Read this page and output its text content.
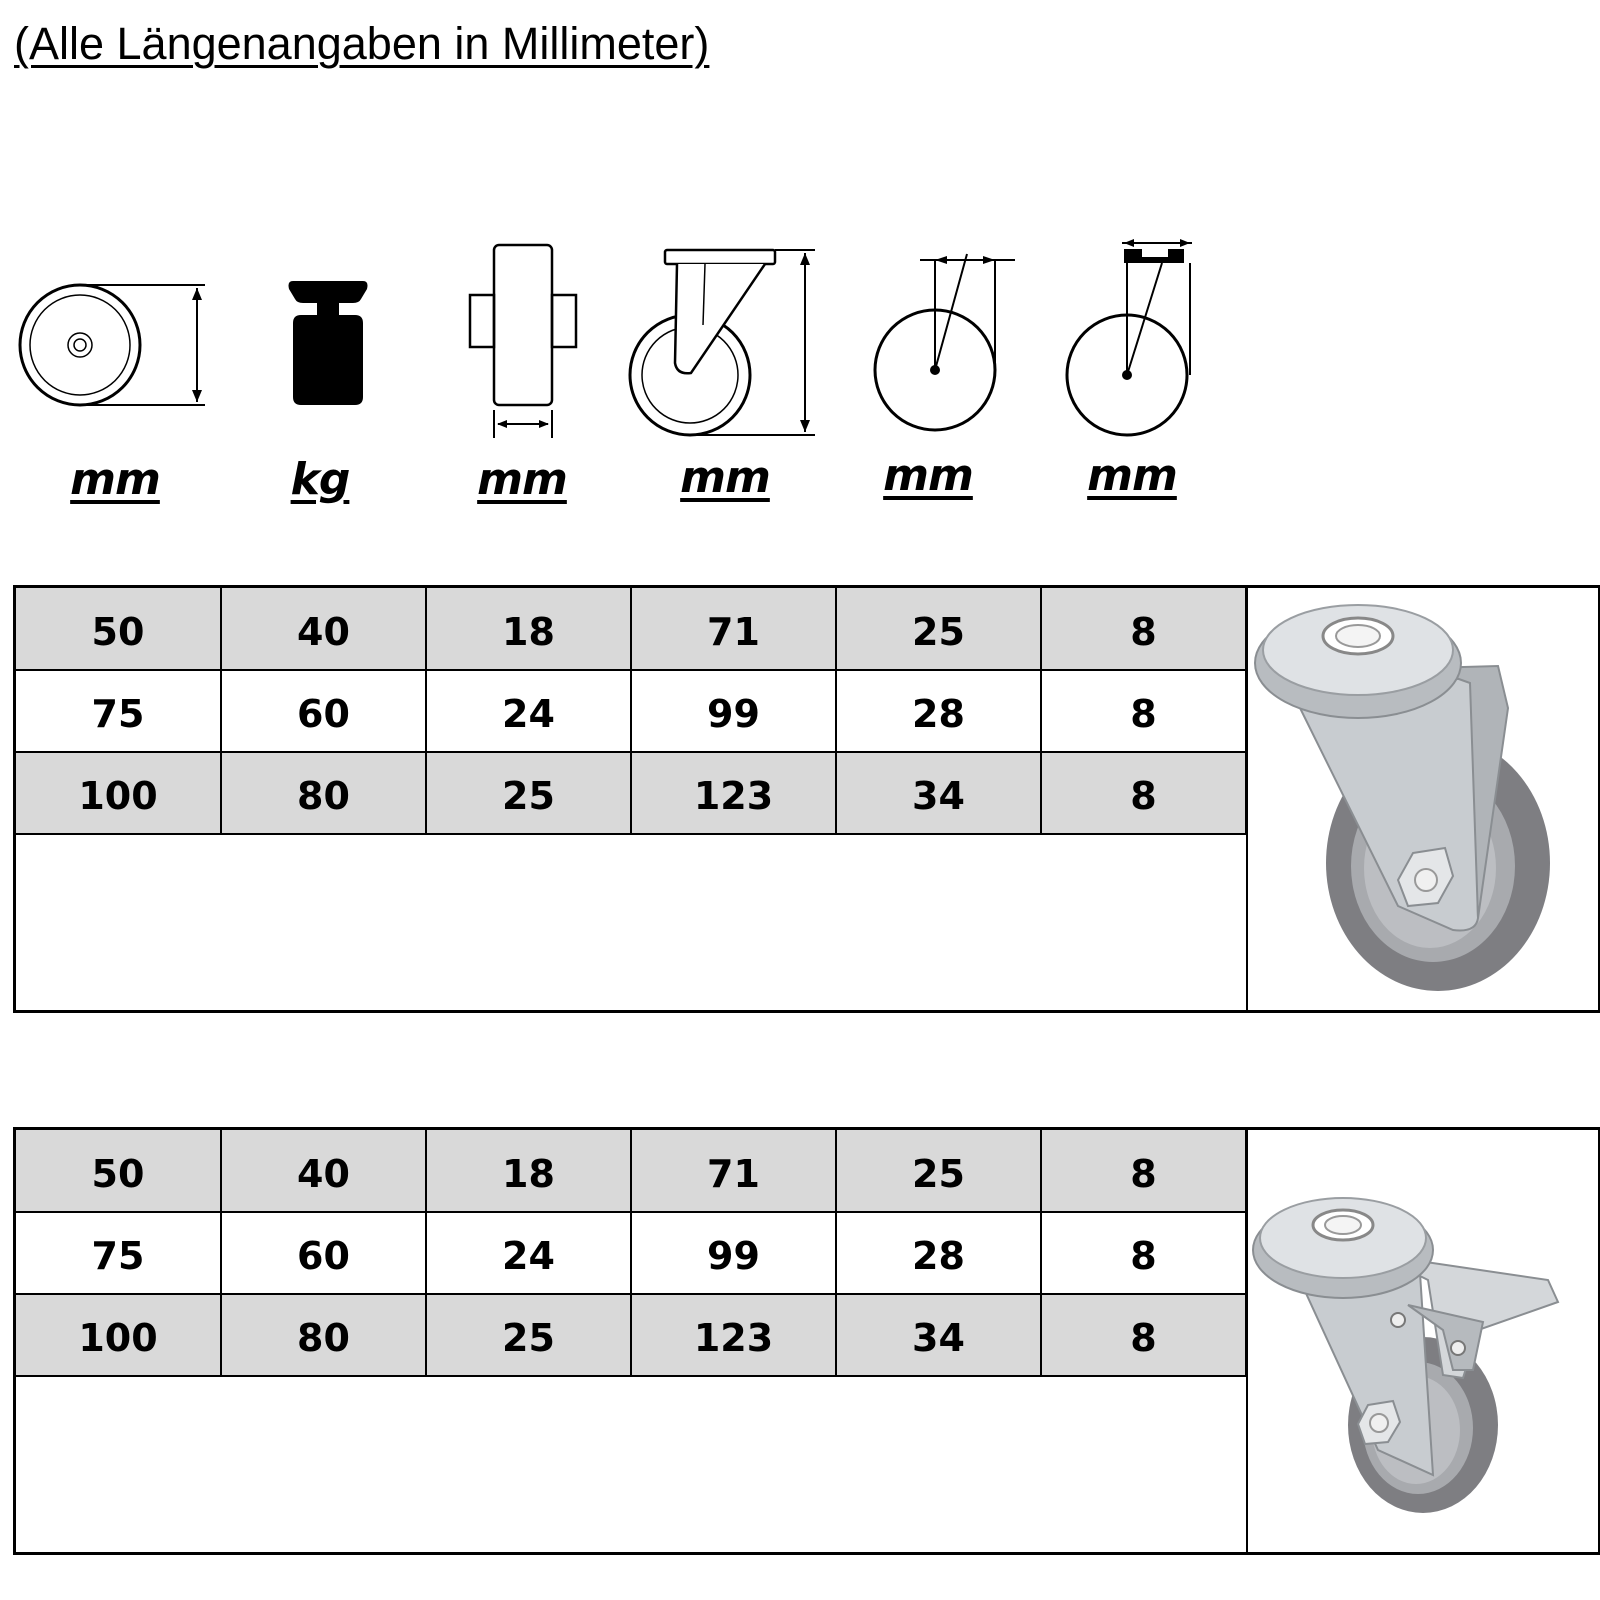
(Alle Längenangaben in Millimeter)
mm	kg	mm	mm	mm	mm
50	40	18	71	25	8
75	60	24	99	28	8
100	80	25	123	34	8
50	40	18	71	25	8
75	60	24	99	28	8
100	80	25	123	34	8
